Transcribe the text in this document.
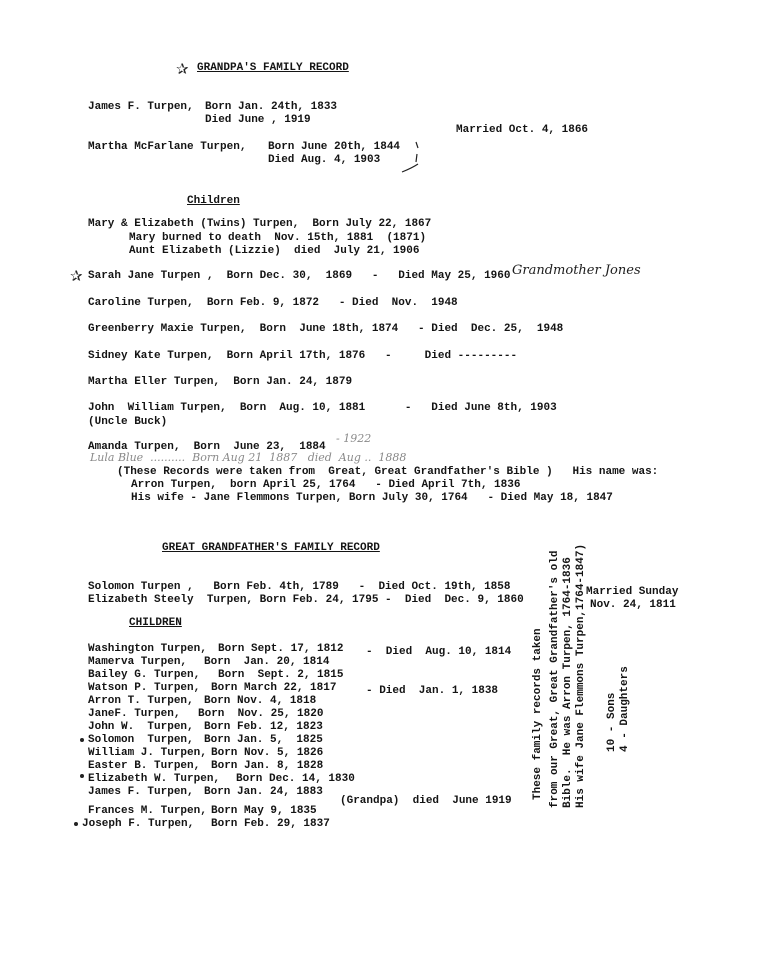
✰ GRANDPA'S FAMILY RECORD
James F. Turpen, Born Jan. 24th, 1833
Died June , 1919
Married Oct. 4, 1866
Martha McFarlane Turpen, Born June 20th, 1844
Died Aug. 4, 1903
Children
Mary & Elizabeth (Twins) Turpen,  Born July 22, 1867
Mary burned to death  Nov. 15th, 1881  (1871)
Aunt Elizabeth (Lizzie)  died  July 21, 1906
✰ Sarah Jane Turpen ,  Born Dec. 30,  1869   -   Died May 25, 1960 Grandmother Jones
Caroline Turpen,  Born Feb. 9, 1872   - Died  Nov.  1948
Greenberry Maxie Turpen,  Born  June 18th, 1874   - Died  Dec. 25,  1948
Sidney Kate Turpen,  Born April 17th, 1876   -     Died ---------
Martha Eller Turpen,  Born Jan. 24, 1879
John  William Turpen,  Born  Aug. 10, 1881      -   Died June 8th, 1903
(Uncle Buck)
Amanda Turpen,  Born  June 23,  1884
- 1922
Lula Blue  ..........  Born Aug 21  1887   died  Aug ..  1888
(These Records were taken from  Great, Great Grandfather's Bible )   His name was:
Arron Turpen,  born April 25, 1764   - Died April 7th, 1836
His wife - Jane Flemmons Turpen, Born July 30, 1764   - Died May 18, 1847
GREAT GRANDFATHER'S FAMILY RECORD
Solomon Turpen ,   Born Feb. 4th, 1789   -  Died Oct. 19th, 1858
Elizabeth Steely  Turpen, Born Feb. 24, 1795 -  Died  Dec. 9, 1860
Married Sunday
Nov. 24, 1811
CHILDREN
Washington Turpen, Born Sept. 17, 1812 -  Died  Aug. 10, 1814
Mamerva Turpen, Born  Jan. 20, 1814
Bailey G. Turpen, Born  Sept. 2, 1815
Watson P. Turpen, Born March 22, 1817	- Died  Jan. 1, 1838
Arron T. Turpen, Born Nov. 4, 1818
JaneF. Turpen, Born  Nov. 25, 1820
John W.  Turpen, Born Feb. 12, 1823
Solomon  Turpen, Born Jan. 5,  1825
William J. Turpen, Born Nov. 5, 1826
Easter B. Turpen, Born Jan. 8, 1828
Elizabeth W. Turpen, Born Dec. 14, 1830
James F. Turpen, Born Jan. 24, 1883
(Grandpa)  died  June 1919
Frances M. Turpen, Born May 9, 1835
Joseph F. Turpen, Born Feb. 29, 1837
These family records taken from our Great, Great Grandfather's old Bible.  He was Arron Turpen, 1764-1836 His wife Jane Flemmons Turpen,1764-1847) 10 - Sons 4 - Daughters
